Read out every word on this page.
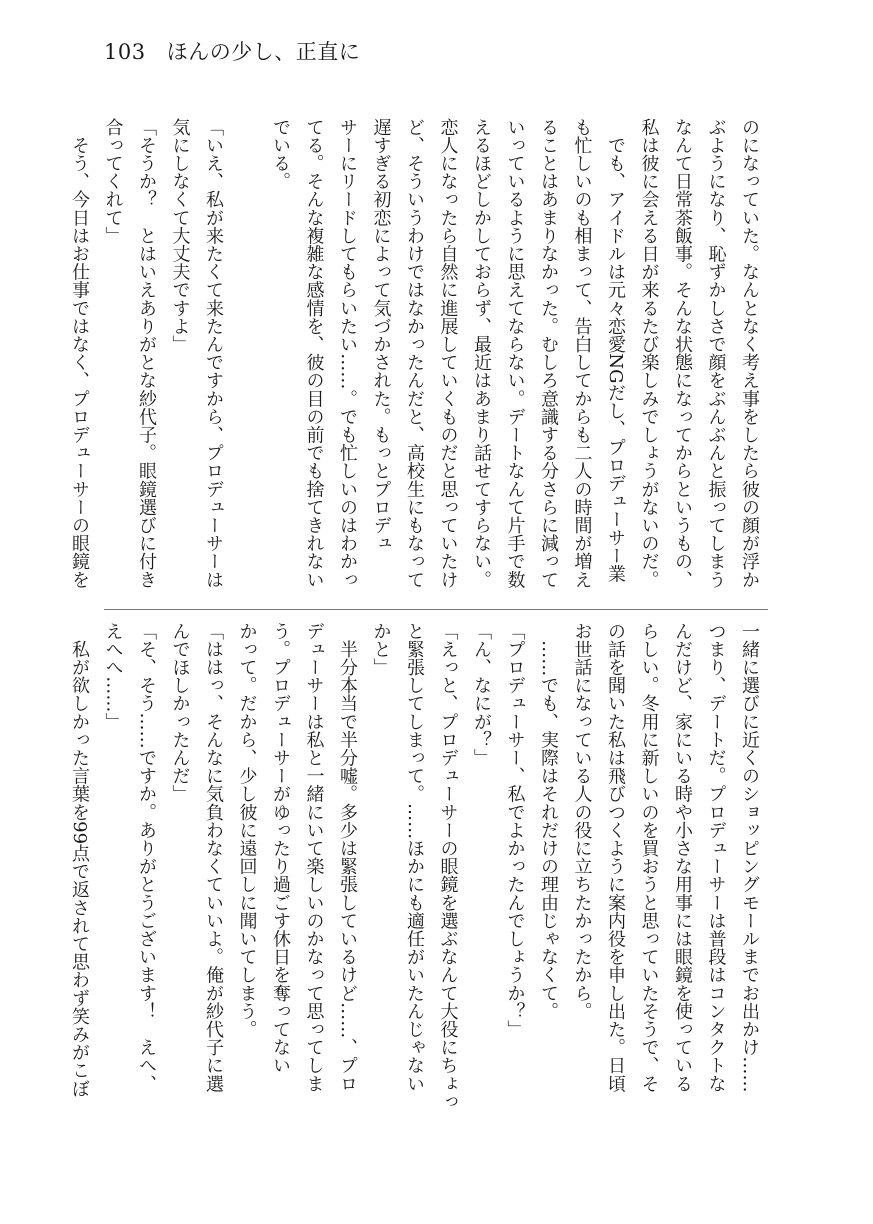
103 ほんの少し、正直に

のになっていた。なんとなく考え事をしたら彼の顔が浮か

ぶようになり、恥ずかしさで顔をぶんぶんと振ってしまう

なんて日常茶飯事。そんな状態になってからというもの、

私は彼に会える日が来るたび楽しみでしょうがないのだ。

　でも、アイドルは元々恋愛NGだし、プロデューサー業

も忙しいのも相まって、告白してからも二人の時間が増え

ることはあまりなかった。むしろ意識する分さらに減って

いっているように思えてならない。デートなんて片手で数

えるほどしかしておらず、最近はあまり話せてすらない。

恋人になったら自然に進展していくものだと思っていたけ

ど、そういうわけではなかったんだと、高校生にもなって

遅すぎる初恋によって気づかされた。もっとプロデュ

サーにリードしてもらいたい……。でも忙しいのはわかっ

てる。そんな複雑な感情を、彼の目の前でも捨てきれない

でいる。

「いえ、私が来たくて来たんですから、プロデューサーは

気にしなくて大丈夫ですよ」

「そうか？　とはいえありがとな紗代子。眼鏡選びに付き

合ってくれて」

　そう、今日はお仕事ではなく、プロデューサーの眼鏡を

一緒に選びに近くのショッピングモールまでお出かけ……

つまり、デートだ。プロデューサーは普段はコンタクトな

んだけど、家にいる時や小さな用事には眼鏡を使っている

らしい。冬用に新しいのを買おうと思っていたそうで、そ

の話を聞いた私は飛びつくように案内役を申し出た。日頃

お世話になっている人の役に立ちたかったから。

　……でも、実際はそれだけの理由じゃなくて。

「プロデューサー、私でよかったんでしょうか？」

「ん、なにが？」

「えっと、プロデューサーの眼鏡を選ぶなんて大役にちょっ

と緊張してしまって。……ほかにも適任がいたんじゃない

かと」

　半分本当で半分嘘。多少は緊張しているけど……、プロ

デューサーは私と一緒にいて楽しいのかなって思ってしま

う。プロデューサーがゆったり過ごす休日を奪ってない

かって。だから、少し彼に遠回しに聞いてしまう。

「ははっ、そんなに気負わなくていいよ。俺が紗代子に選

んでほしかったんだ」

「そ、そう……ですか。ありがとうございます！　えへ、

えへへ……」

　私が欲しかった言葉を99点で返されて思わず笑みがこぼ
